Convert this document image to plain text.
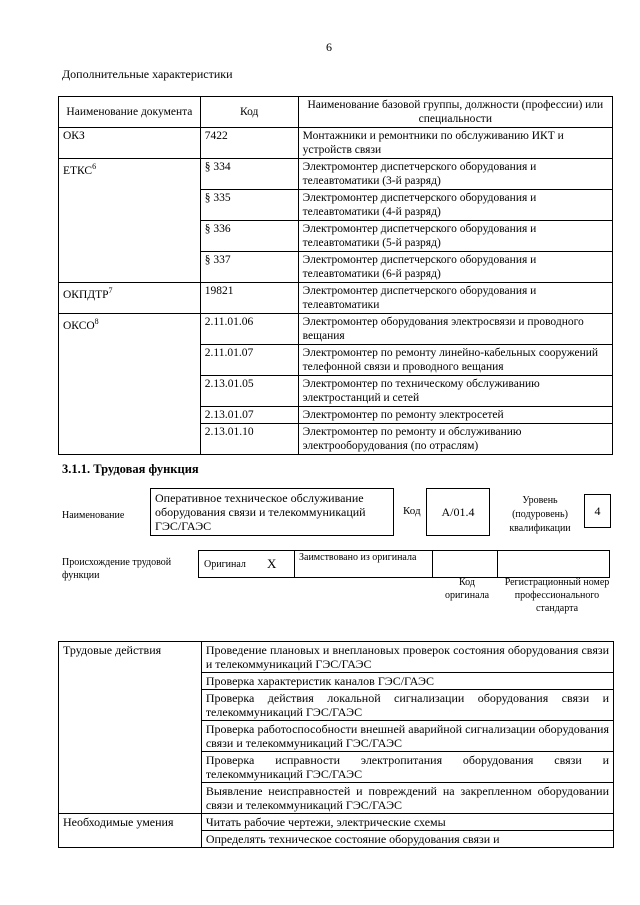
6
Дополнительные характеристики
Наименование документа	Код	Наименование базовой группы, должности (профессии) или специальности
ОКЗ	7422	Монтажники и ремонтники по обслуживанию ИКТ и устройств связи
ЕТКС$^6$	§ 334	Электромонтер диспетчерского оборудования и телеавтоматики (3-й разряд)
	§ 335	Электромонтер диспетчерского оборудования и телеавтоматики (4-й разряд)
	§ 336	Электромонтер диспетчерского оборудования и телеавтоматики (5-й разряд)
	§ 337	Электромонтер диспетчерского оборудования и телеавтоматики (6-й разряд)
ОКПДТР$^7$	19821	Электромонтер диспетчерского оборудования и телеавтоматики
ОКСО$^8$	2.11.01.06	Электромонтер оборудования электросвязи и проводного вещания
	2.11.01.07	Электромонтер по ремонту линейно-кабельных сооружений телефонной связи и проводного вещания
	2.13.01.05	Электромонтер по техническому обслуживанию электростанций и сетей
	2.13.01.07	Электромонтер по ремонту электросетей
	2.13.01.10	Электромонтер по ремонту и обслуживанию электрооборудования (по отраслям)
3.1.1. Трудовая функция
Наименование
Оперативное техническое обслуживание оборудования связи и телекоммуникаций ГЭС/ГАЭС
Код А/01.4
Уровень (подуровень) квалификации
4
Происхождение трудовой функции
Оригинал X Заимствовано из оригинала
Код оригинала
Регистрационный номер профессионального стандарта
Трудовые действия	Проведение плановых и внеплановых проверок состояния оборудования связи и телекоммуникаций ГЭС/ГАЭС
	Проверка характеристик каналов ГЭС/ГАЭС
	Проверка действия локальной сигнализации оборудования связи и телекоммуникаций ГЭС/ГАЭС
	Проверка работоспособности внешней аварийной сигнализации оборудования связи и телекоммуникаций ГЭС/ГАЭС
	Проверка исправности электропитания оборудования связи и телекоммуникаций ГЭС/ГАЭС
	Выявление неисправностей и повреждений на закрепленном оборудовании связи и телекоммуникаций ГЭС/ГАЭС
Необходимые умения	Читать рабочие чертежи, электрические схемы
	Определять техническое состояние оборудования связи и
